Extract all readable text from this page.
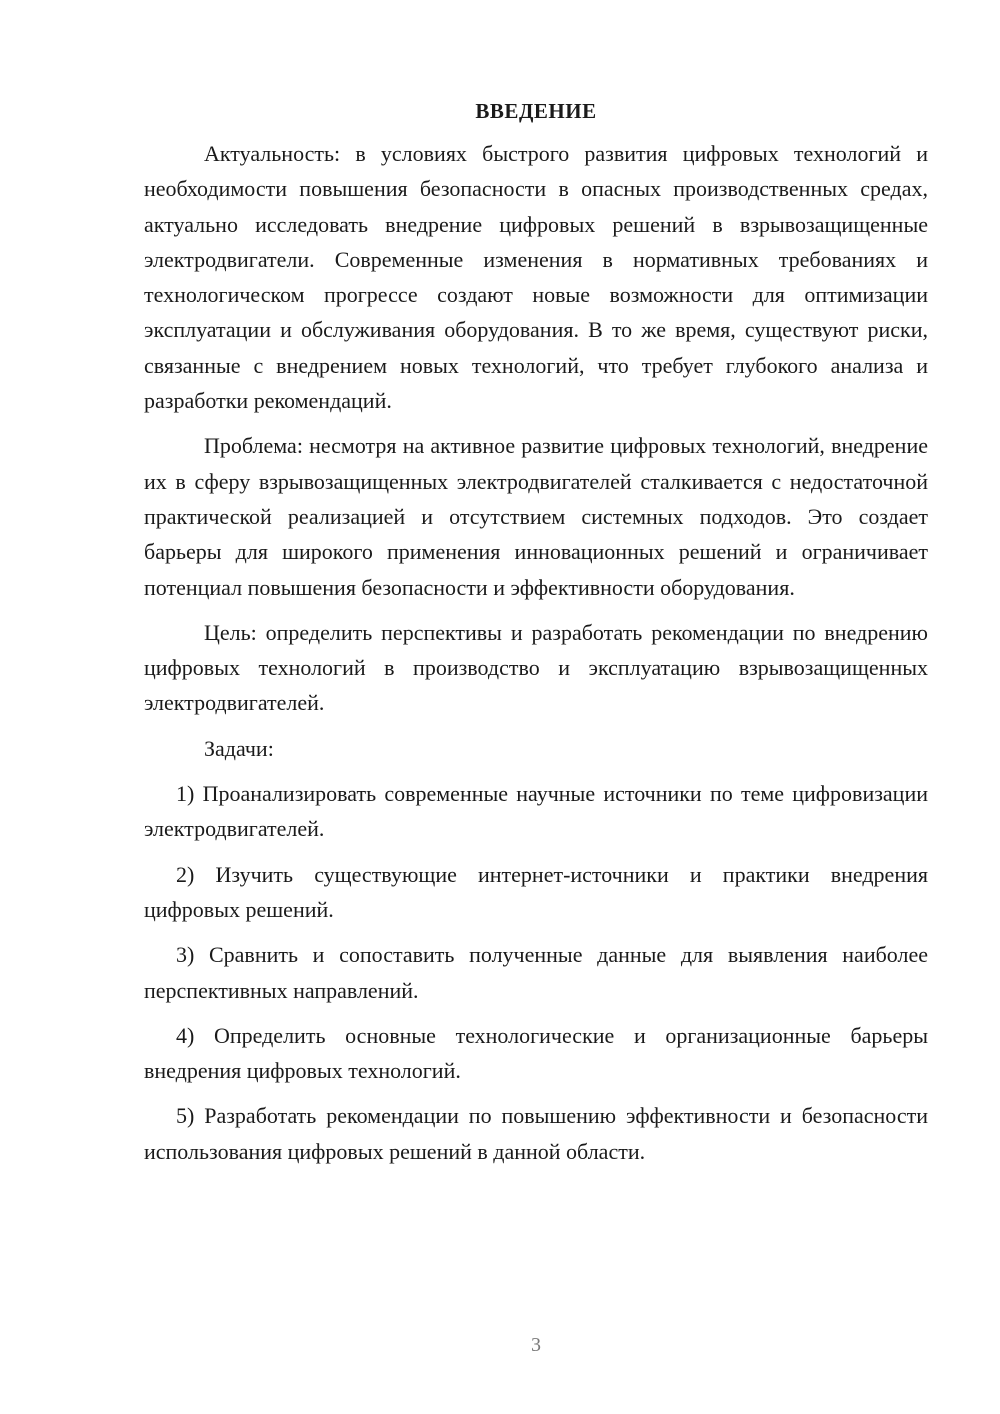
ВВЕДЕНИЕ

Актуальность: в условиях быстрого развития цифровых технологий и необходимости повышения безопасности в опасных производственных средах, актуально исследовать внедрение цифровых решений в взрывозащищенные электродвигатели. Современные изменения в нормативных требованиях и технологическом прогрессе создают новые возможности для оптимизации эксплуатации и обслуживания оборудования. В то же время, существуют риски, связанные с внедрением новых технологий, что требует глубокого анализа и разработки рекомендаций.

Проблема: несмотря на активное развитие цифровых технологий, внедрение их в сферу взрывозащищенных электродвигателей сталкивается с недостаточной практической реализацией и отсутствием системных подходов. Это создает барьеры для широкого применения инновационных решений и ограничивает потенциал повышения безопасности и эффективности оборудования.

Цель: определить перспективы и разработать рекомендации по внедрению цифровых технологий в производство и эксплуатацию взрывозащищенных электродвигателей.

Задачи:

1) Проанализировать современные научные источники по теме цифровизации электродвигателей.

2) Изучить существующие интернет-источники и практики внедрения цифровых решений.

3) Сравнить и сопоставить полученные данные для выявления наиболее перспективных направлений.

4) Определить основные технологические и организационные барьеры внедрения цифровых технологий.

5) Разработать рекомендации по повышению эффективности и безопасности использования цифровых решений в данной области.

3
